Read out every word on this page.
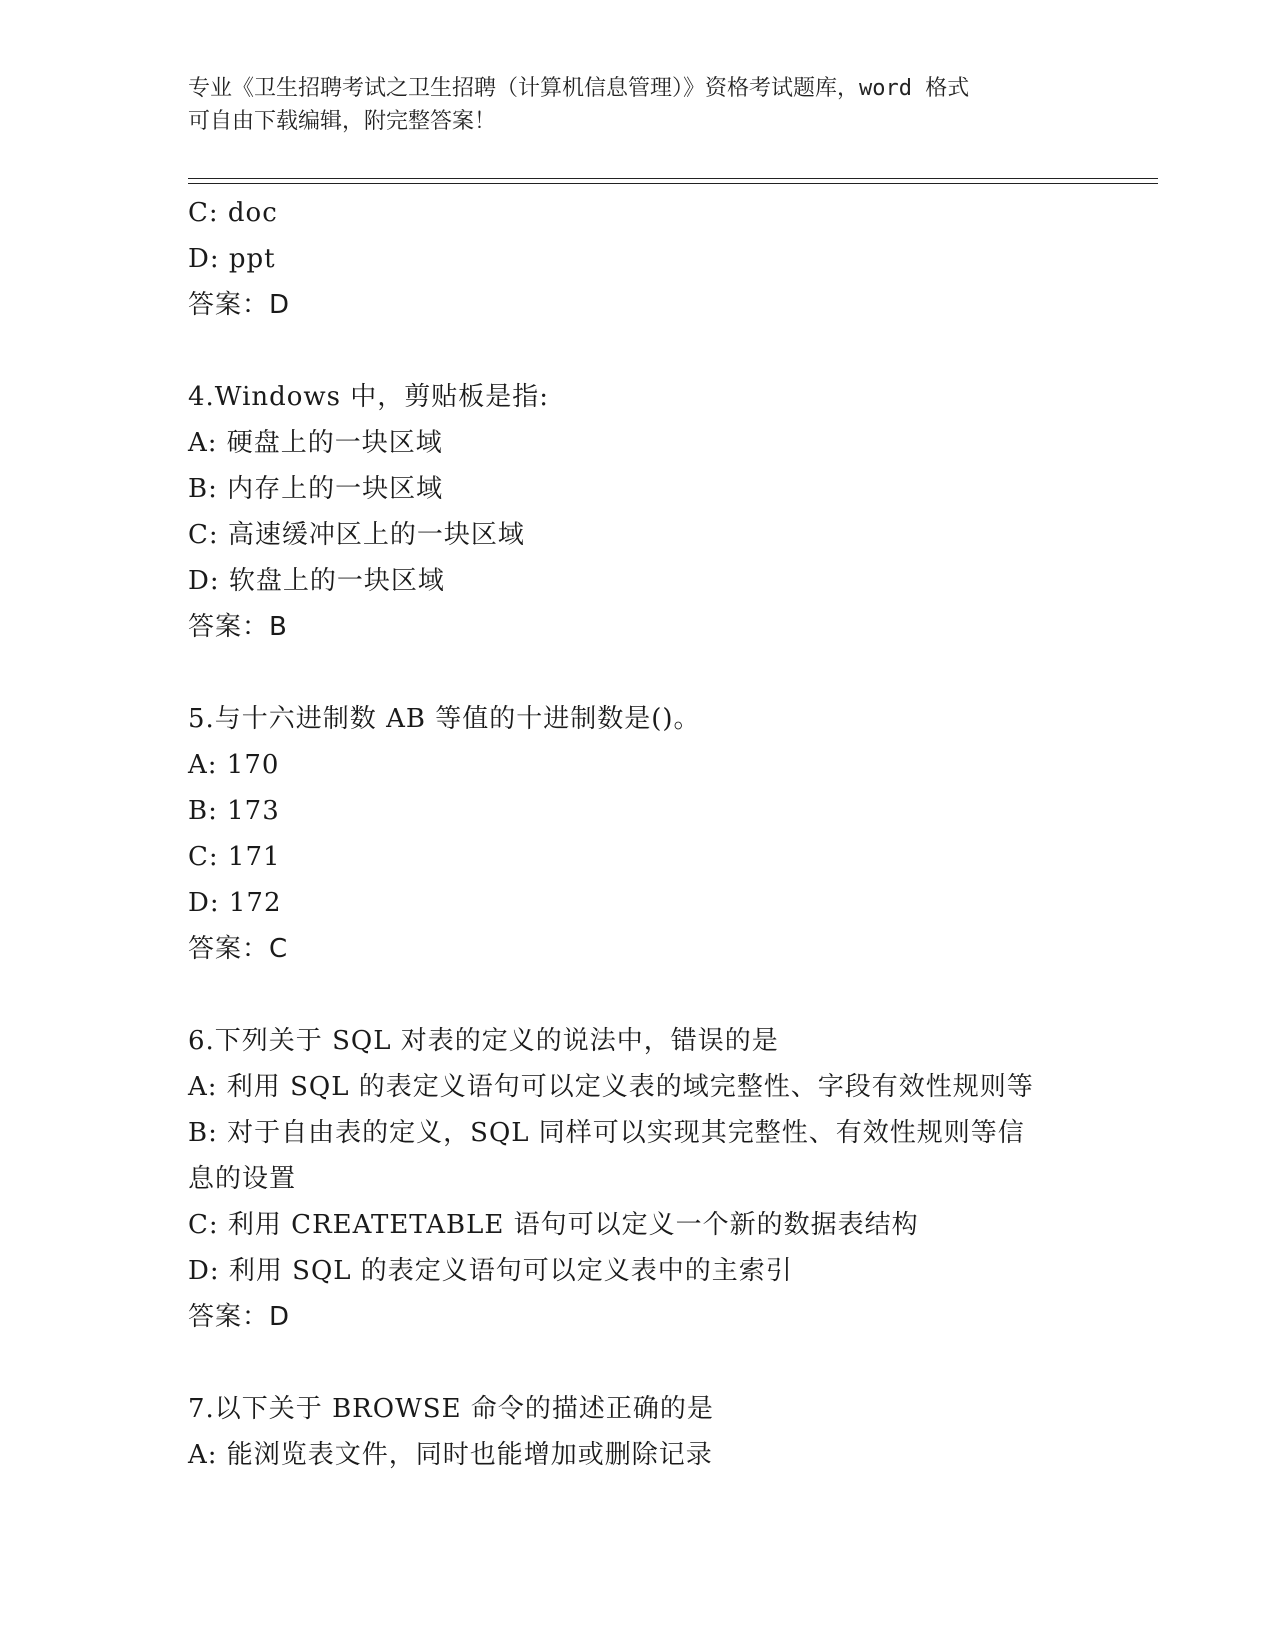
专业《卫生招聘考试之卫生招聘（计算机信息管理）》资格考试题库，word 格式
可自由下载编辑，附完整答案！
C: doc
D: ppt
答案：D
4.Windows 中，剪贴板是指:
A: 硬盘上的一块区域
B: 内存上的一块区域
C: 高速缓冲区上的一块区域
D: 软盘上的一块区域
答案：B
5.与十六进制数 AB 等值的十进制数是()。
A: 170
B: 173
C: 171
D: 172
答案：C
6.下列关于 SQL 对表的定义的说法中，错误的是
A: 利用 SQL 的表定义语句可以定义表的域完整性、字段有效性规则等
B: 对于自由表的定义，SQL 同样可以实现其完整性、有效性规则等信息的设置
C: 利用 CREATETABLE 语句可以定义一个新的数据表结构
D: 利用 SQL 的表定义语句可以定义表中的主索引
答案：D
7.以下关于 BROWSE 命令的描述正确的是
A: 能浏览表文件，同时也能增加或删除记录
